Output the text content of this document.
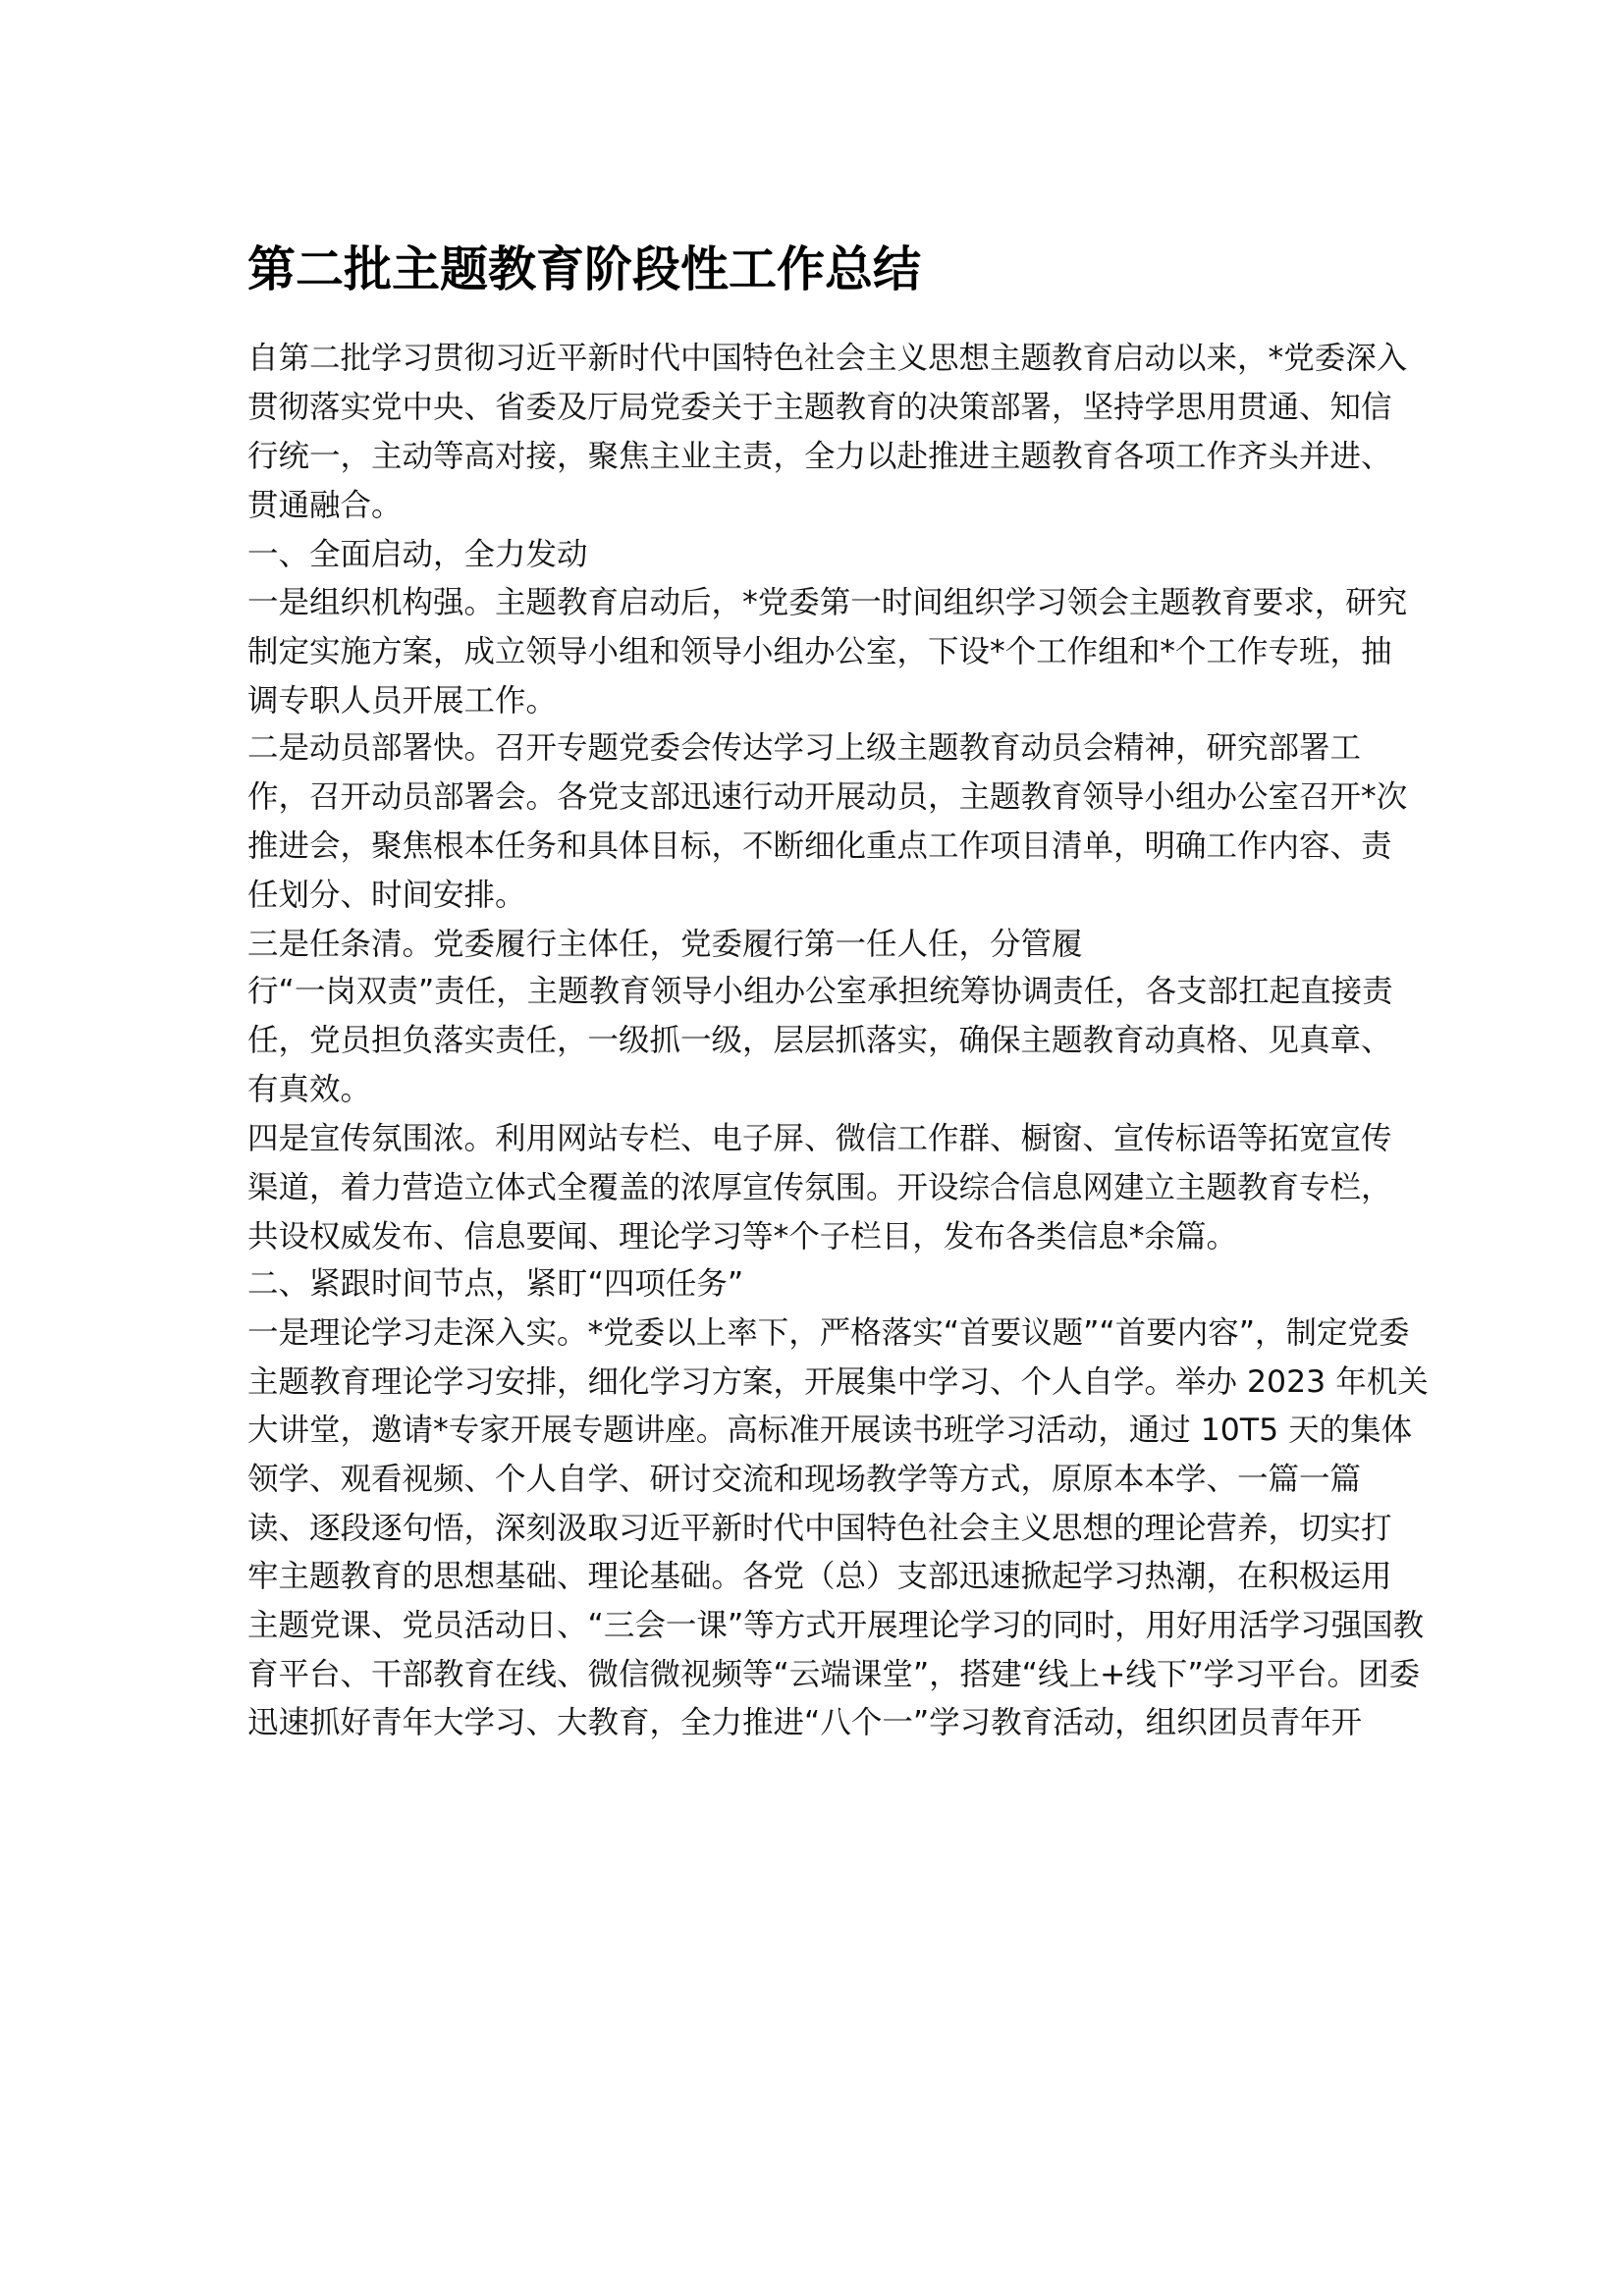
第二批主题教育阶段性工作总结
自第二批学习贯彻习近平新时代中国特色社会主义思想主题教育启动以来，*党委深入
贯彻落实党中央、省委及厅局党委关于主题教育的决策部署，坚持学思用贯通、知信
行统一，主动等高对接，聚焦主业主责，全力以赴推进主题教育各项工作齐头并进、
贯通融合。
一、全面启动，全力发动
一是组织机构强。主题教育启动后，*党委第一时间组织学习领会主题教育要求，研究
制定实施方案，成立领导小组和领导小组办公室，下设*个工作组和*个工作专班，抽
调专职人员开展工作。
二是动员部署快。召开专题党委会传达学习上级主题教育动员会精神，研究部署工
作，召开动员部署会。各党支部迅速行动开展动员，主题教育领导小组办公室召开*次
推进会，聚焦根本任务和具体目标，不断细化重点工作项目清单，明确工作内容、责
任划分、时间安排。
三是任条清。党委履行主体任，党委履行第一任人任，分管履
行“一岗双责”责任，主题教育领导小组办公室承担统筹协调责任，各支部扛起直接责
任，党员担负落实责任，一级抓一级，层层抓落实，确保主题教育动真格、见真章、
有真效。
四是宣传氛围浓。利用网站专栏、电子屏、微信工作群、橱窗、宣传标语等拓宽宣传
渠道，着力营造立体式全覆盖的浓厚宣传氛围。开设综合信息网建立主题教育专栏，
共设权威发布、信息要闻、理论学习等*个子栏目，发布各类信息*余篇。
二、紧跟时间节点，紧盯“四项任务”
一是理论学习走深入实。*党委以上率下，严格落实“首要议题”“首要内容”，制定党委
主题教育理论学习安排，细化学习方案，开展集中学习、个人自学。举办 2023 年机关
大讲堂，邀请*专家开展专题讲座。高标准开展读书班学习活动，通过 10T5 天的集体
领学、观看视频、个人自学、研讨交流和现场教学等方式，原原本本学、一篇一篇
读、逐段逐句悟，深刻汲取习近平新时代中国特色社会主义思想的理论营养，切实打
牢主题教育的思想基础、理论基础。各党（总）支部迅速掀起学习热潮，在积极运用
主题党课、党员活动日、“三会一课”等方式开展理论学习的同时，用好用活学习强国教
育平台、干部教育在线、微信微视频等“云端课堂”，搭建“线上+线下”学习平台。团委
迅速抓好青年大学习、大教育，全力推进“八个一”学习教育活动，组织团员青年开
